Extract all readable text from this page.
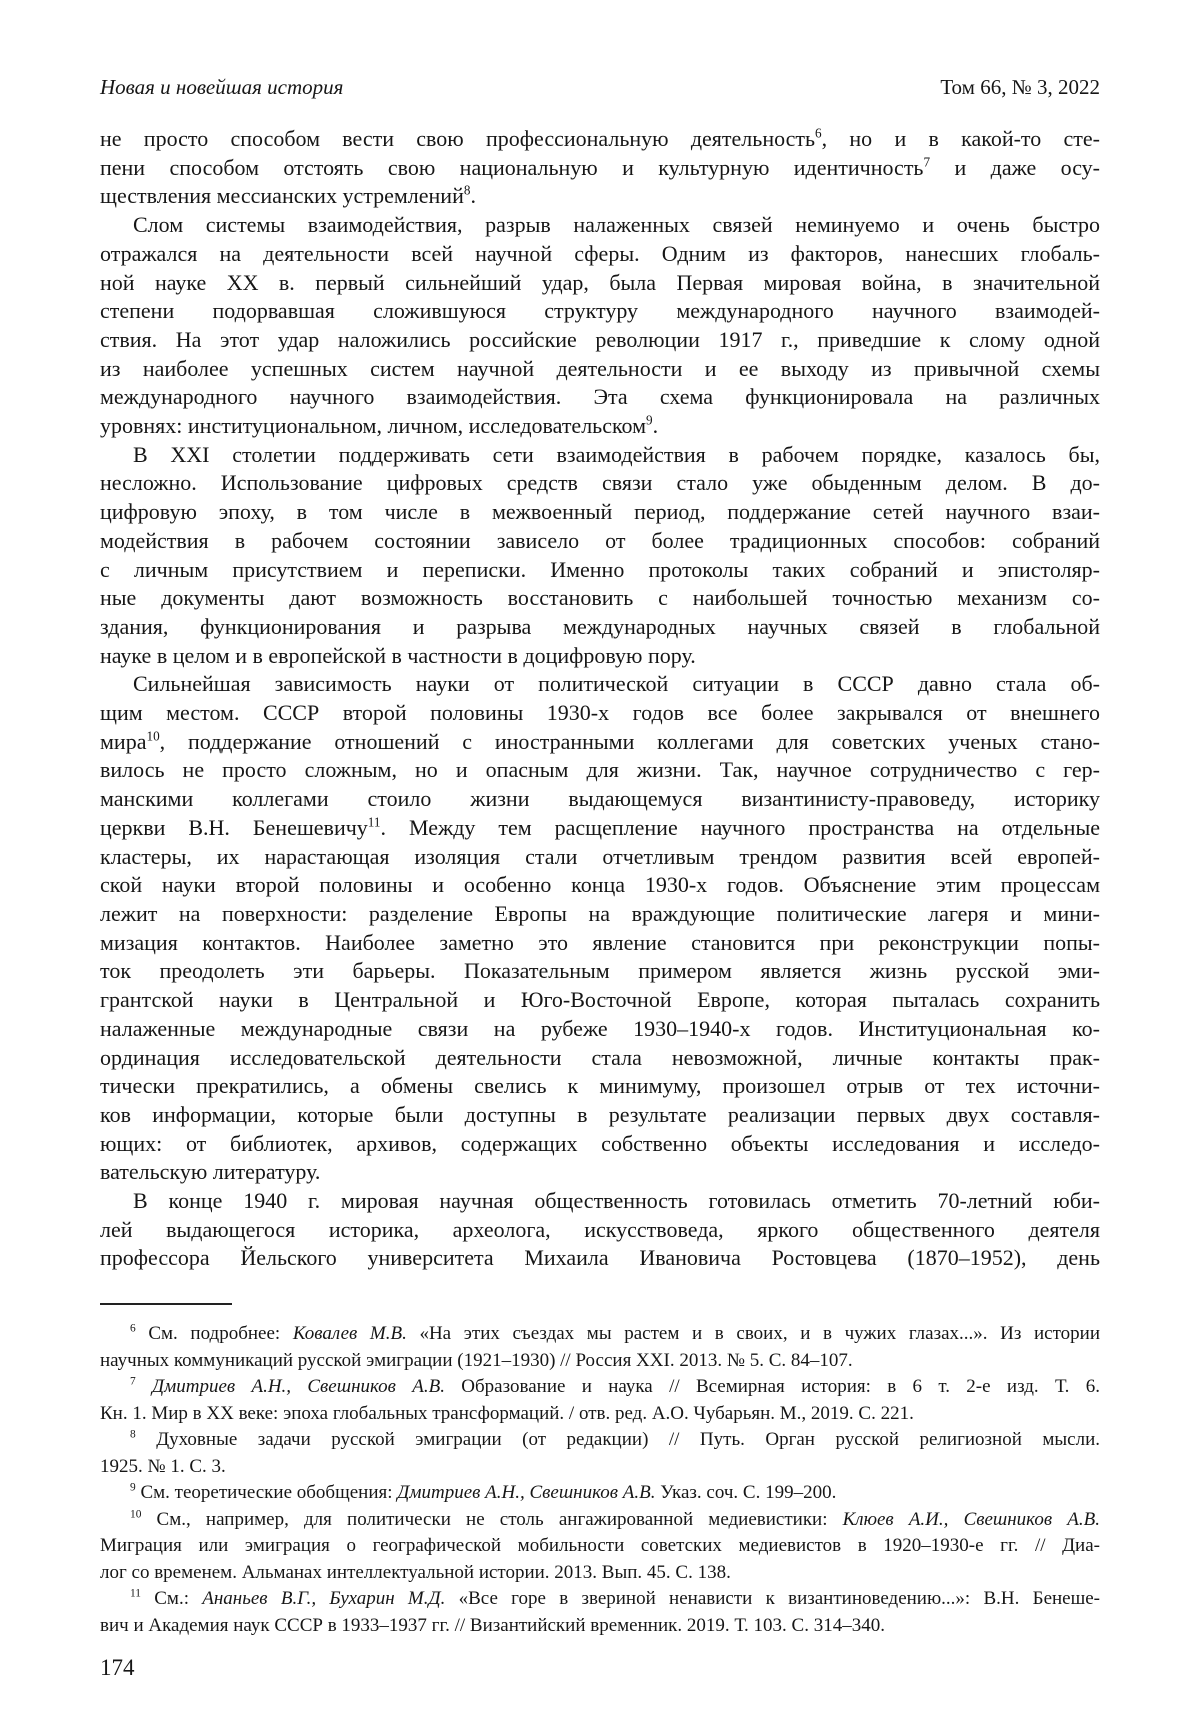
Новая и новейшая история	Том 66, № 3, 2022
не просто способом вести свою профессиональную деятельность$^6$, но и в какой-то сте-
пени способом отстоять свою национальную и культурную идентичность$^7$ и даже осу-
ществления мессианских устремлений$^8$.
Слом системы взаимодействия, разрыв налаженных связей неминуемо и очень быстро
отражался на деятельности всей научной сферы. Одним из факторов, нанесших глобаль-
ной науке XX в. первый сильнейший удар, была Первая мировая война, в значительной
степени подорвавшая сложившуюся структуру международного научного взаимодей-
ствия. На этот удар наложились российские революции 1917 г., приведшие к слому одной
из наиболее успешных систем научной деятельности и ее выходу из привычной схемы
международного научного взаимодействия. Эта схема функционировала на различных
уровнях: институциональном, личном, исследовательском$^9$.
В XXI столетии поддерживать сети взаимодействия в рабочем порядке, казалось бы,
несложно. Использование цифровых средств связи стало уже обыденным делом. В до-
цифровую эпоху, в том числе в межвоенный период, поддержание сетей научного взаи-
модействия в рабочем состоянии зависело от более традиционных способов: собраний
с личным присутствием и переписки. Именно протоколы таких собраний и эпистоляр-
ные документы дают возможность восстановить с наибольшей точностью механизм со-
здания, функционирования и разрыва международных научных связей в глобальной
науке в целом и в европейской в частности в доцифровую пору.
Сильнейшая зависимость науки от политической ситуации в СССР давно стала об-
щим местом. СССР второй половины 1930-х годов все более закрывался от внешнего
мира$^{10}$, поддержание отношений с иностранными коллегами для советских ученых стано-
вилось не просто сложным, но и опасным для жизни. Так, научное сотрудничество с гер-
манскими коллегами стоило жизни выдающемуся византинисту-правоведу, историку
церкви В.Н. Бенешевичу$^{11}$. Между тем расщепление научного пространства на отдельные
кластеры, их нарастающая изоляция стали отчетливым трендом развития всей европей-
ской науки второй половины и особенно конца 1930-х годов. Объяснение этим процессам
лежит на поверхности: разделение Европы на враждующие политические лагеря и мини-
мизация контактов. Наиболее заметно это явление становится при реконструкции попы-
ток преодолеть эти барьеры. Показательным примером является жизнь русской эми-
грантской науки в Центральной и Юго-Восточной Европе, которая пыталась сохранить
налаженные международные связи на рубеже 1930–1940-х годов. Институциональная ко-
ординация исследовательской деятельности стала невозможной, личные контакты прак-
тически прекратились, а обмены свелись к минимуму, произошел отрыв от тех источни-
ков информации, которые были доступны в результате реализации первых двух составля-
ющих: от библиотек, архивов, содержащих собственно объекты исследования и исследо-
вательскую литературу.
В конце 1940 г. мировая научная общественность готовилась отметить 70-летний юби-
лей выдающегося историка, археолога, искусствоведа, яркого общественного деятеля
профессора Йельского университета Михаила Ивановича Ростовцева (1870–1952), день
$^6$ См. подробнее: Ковалев М.В. «На этих съездах мы растем и в своих, и в чужих глазах...». Из истории
научных коммуникаций русской эмиграции (1921–1930) // Россия XXI. 2013. № 5. С. 84–107.
$^7$ Дмитриев А.Н., Свешников А.В. Образование и наука // Всемирная история: в 6 т. 2-е изд. Т. 6.
Кн. 1. Мир в XX веке: эпоха глобальных трансформаций. / отв. ред. А.О. Чубарьян. М., 2019. С. 221.
$^8$ Духовные задачи русской эмиграции (от редакции) // Путь. Орган русской религиозной мысли.
1925. № 1. С. 3.
$^9$ См. теоретические обобщения: Дмитриев А.Н., Свешников А.В. Указ. соч. С. 199–200.
$^{10}$ См., например, для политически не столь ангажированной медиевистики: Клюев А.И., Свешников А.В.
Миграция или эмиграция о географической мобильности советских медиевистов в 1920–1930-е гг. // Диа-
лог со временем. Альманах интеллектуальной истории. 2013. Вып. 45. С. 138.
$^{11}$ См.: Ананьев В.Г., Бухарин М.Д. «Все горе в звериной ненависти к византиноведению...»: В.Н. Бенеше-
вич и Академия наук СССР в 1933–1937 гг. // Византийский временник. 2019. Т. 103. С. 314–340.
174
